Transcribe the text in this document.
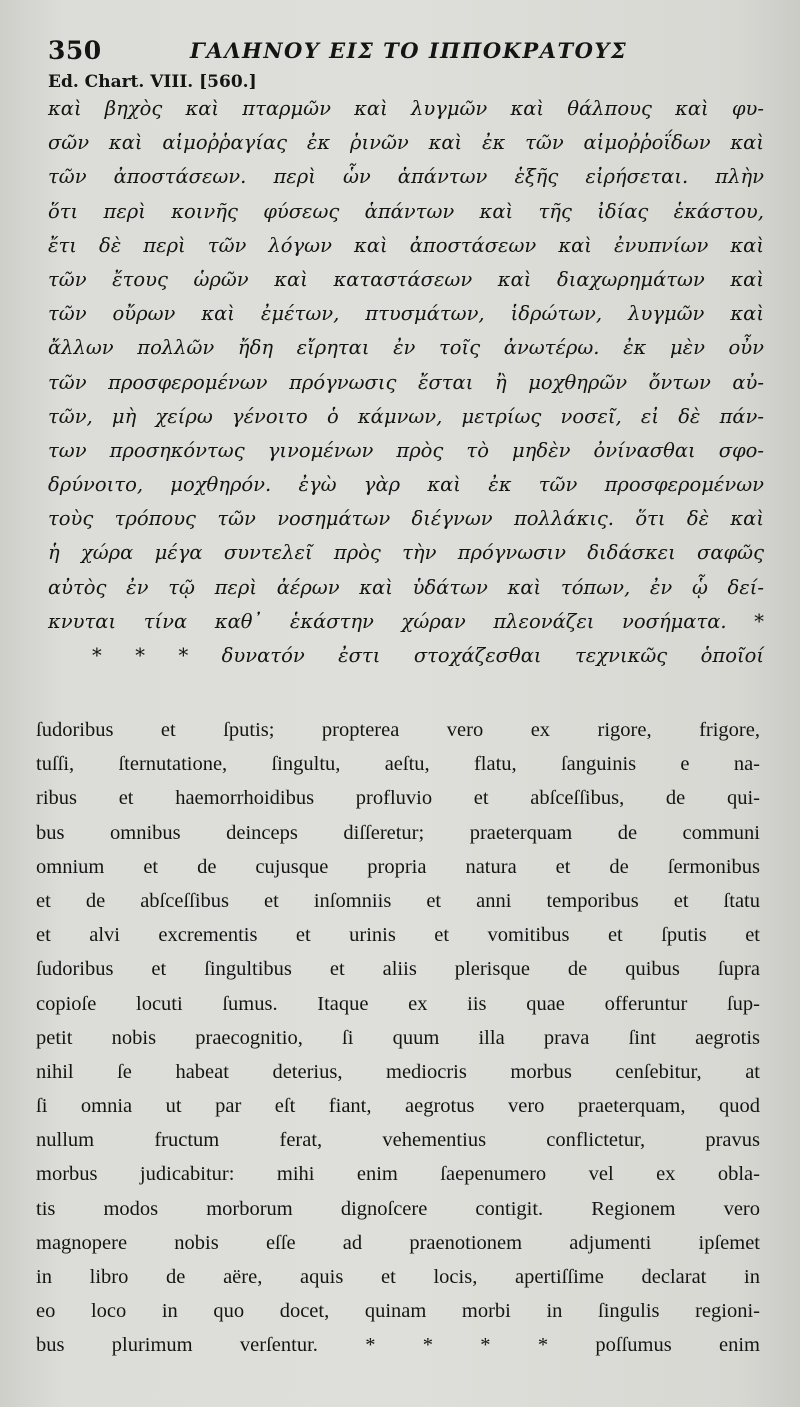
350	ΓΑΛΗΝΟΥ ΕΙΣ ΤΟ ΙΠΠΟΚΡΑΤΟΥΣ
Ed. Chart. VIII. [560.]
καὶ βηχὸς καὶ πταρμῶν καὶ λυγμῶν καὶ θάλπους καὶ φυ-
σῶν καὶ αἱμοῤῥαγίας ἐκ ῥινῶν καὶ ἐκ τῶν αἱμοῤῥοΐδων καὶ
τῶν ἀποστάσεων. περὶ ὧν ἁπάντων ἑξῆς εἰρήσεται. πλὴν
ὅτι περὶ κοινῆς φύσεως ἁπάντων καὶ τῆς ἰδίας ἑκάστου,
ἔτι δὲ περὶ τῶν λόγων καὶ ἀποστάσεων καὶ ἐνυπνίων καὶ
τῶν ἔτους ὡρῶν καὶ καταστάσεων καὶ διαχωρημάτων καὶ
τῶν οὔρων καὶ ἐμέτων, πτυσμάτων, ἱδρώτων, λυγμῶν καὶ
ἄλλων πολλῶν ἤδη εἴρηται ἐν τοῖς ἀνωτέρω. ἐκ μὲν οὖν
τῶν προσφερομένων πρόγνωσις ἔσται ἢ μοχθηρῶν ὄντων αὐ-
τῶν, μὴ χείρω γένοιτο ὁ κάμνων, μετρίως νοσεῖ, εἰ δὲ πάν-
των προσηκόντως γινομένων πρὸς τὸ μηδὲν ὀνίνασθαι σφο-
δρύνοιτο, μοχθηρόν. ἐγὼ γὰρ καὶ ἐκ τῶν προσφερομένων
τοὺς τρόπους τῶν νοσημάτων διέγνων πολλάκις. ὅτι δὲ καὶ
ἡ χώρα μέγα συντελεῖ πρὸς τὴν πρόγνωσιν διδάσκει σαφῶς
αὐτὸς ἐν τῷ περὶ ἀέρων καὶ ὑδάτων καὶ τόπων, ἐν ᾧ δεί-
κνυται τίνα καθ᾽ ἑκάστην χώραν πλεονάζει νοσήματα. *
* * * δυνατόν ἐστι στοχάζεσθαι τεχνικῶς ὁποῖοί
ſudoribus et ſputis; propterea vero ex rigore, frigore,
tuſſi, ſternutatione, ſingultu, aeſtu, flatu, ſanguinis e na-
ribus et haemorrhoidibus profluvio et abſceſſibus, de qui-
bus omnibus deinceps diſſeretur; praeterquam de communi
omnium et de cujusque propria natura et de ſermonibus
et de abſceſſibus et inſomniis et anni temporibus et ſtatu
et alvi excrementis et urinis et vomitibus et ſputis et
ſudoribus et ſingultibus et aliis plerisque de quibus ſupra
copioſe locuti ſumus. Itaque ex iis quae offeruntur ſup-
petit nobis praecognitio, ſi quum illa prava ſint aegrotis
nihil ſe habeat deterius, mediocris morbus cenſebitur, at
ſi omnia ut par eſt fiant, aegrotus vero praeterquam, quod
nullum fructum ferat, vehementius conflictetur, pravus
morbus judicabitur: mihi enim ſaepenumero vel ex obla-
tis modos morborum dignoſcere contigit. Regionem vero
magnopere nobis eſſe ad praenotionem adjumenti ipſemet
in libro de aëre, aquis et locis, apertiſſime declarat in
eo loco in quo docet, quinam morbi in ſingulis regioni-
bus plurimum verſentur. * * * * poſſumus enim
